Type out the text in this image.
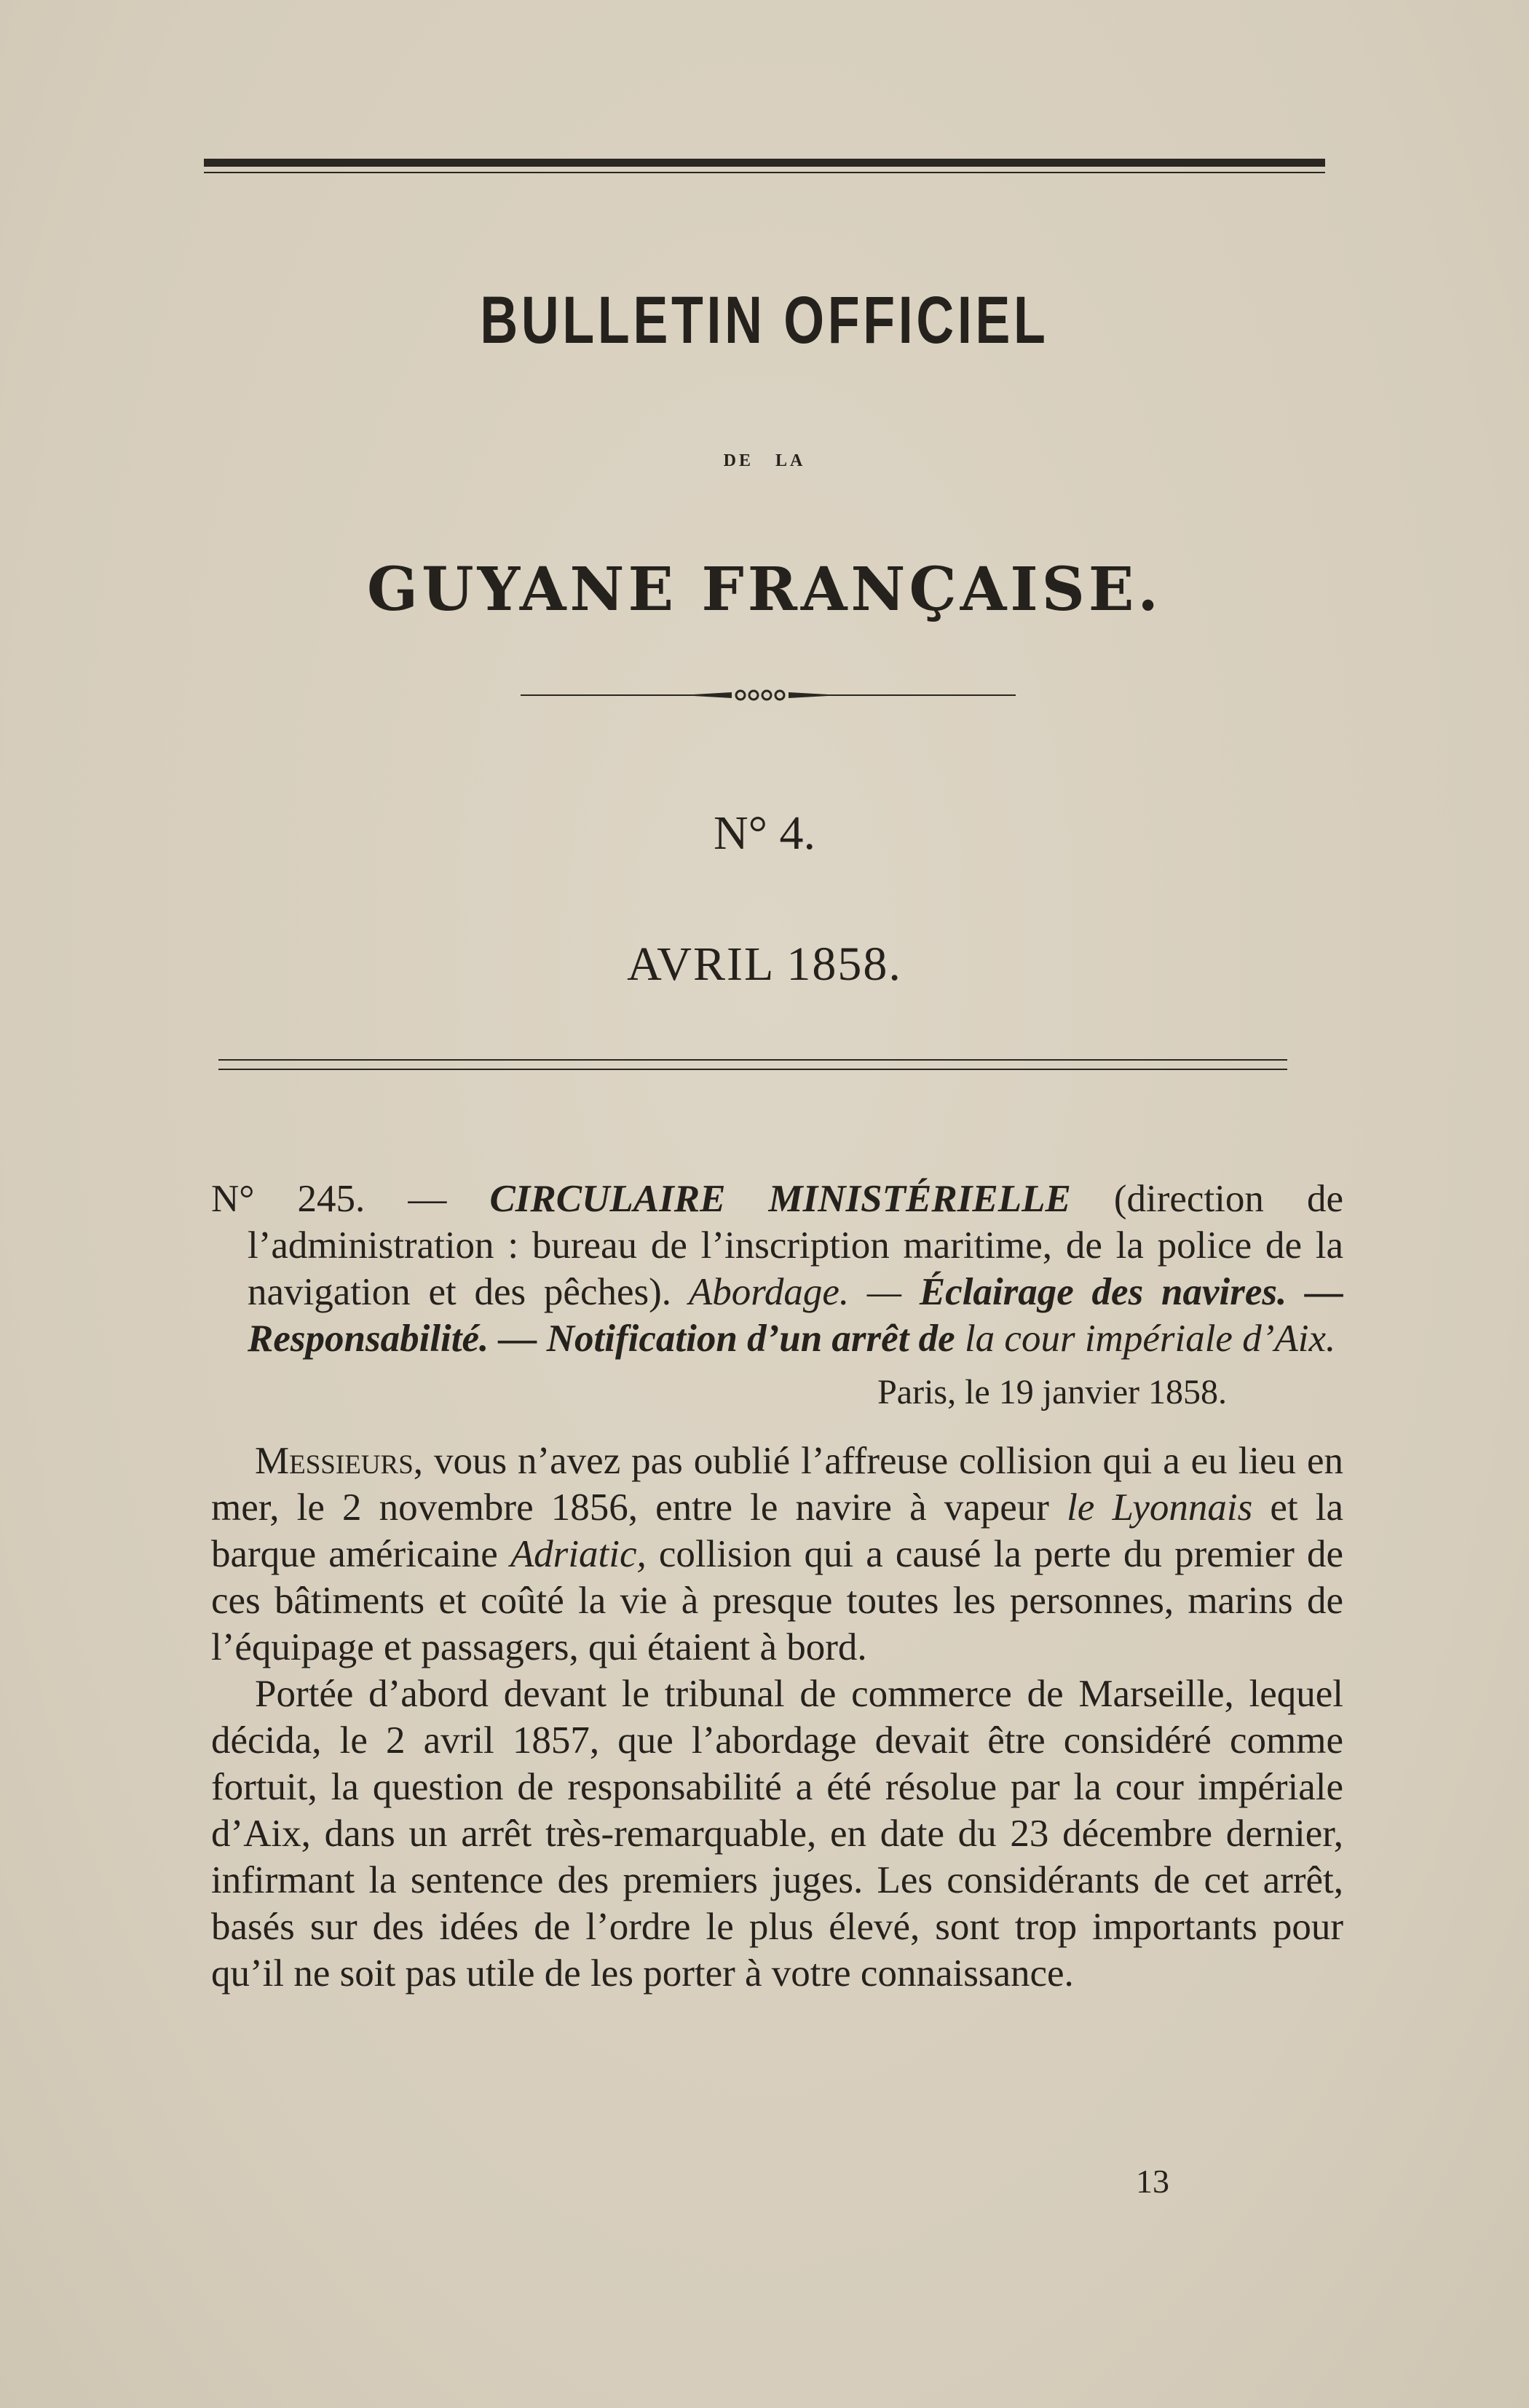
BULLETIN OFFICIEL
DE LA
GUYANE FRANÇAISE.
N° 4.
AVRIL 1858.
N° 245. — CIRCULAIRE MINISTÉRIELLE (direction de l’administration : bureau de l’inscription maritime, de la police de la navigation et des pêches). Abordage. — Éclairage des navires. — Responsabilité. — Notification d’un arrêt de la cour impériale d’Aix.
Paris, le 19 janvier 1858.

Messieurs, vous n’avez pas oublié l’affreuse collision qui a eu lieu en mer, le 2 novembre 1856, entre le navire à vapeur le Lyonnais et la barque américaine Adriatic, collision qui a causé la perte du premier de ces bâtiments et coûté la vie à presque toutes les personnes, marins de l’équipage et passagers, qui étaient à bord.

Portée d’abord devant le tribunal de commerce de Marseille, lequel décida, le 2 avril 1857, que l’abordage devait être considéré comme fortuit, la question de responsabilité a été résolue par la cour impériale d’Aix, dans un arrêt très-remarquable, en date du 23 décembre dernier, infirmant la sentence des premiers juges. Les considérants de cet arrêt, basés sur des idées de l’ordre le plus élevé, sont trop importants pour qu’il ne soit pas utile de les porter à votre connaissance.

13
